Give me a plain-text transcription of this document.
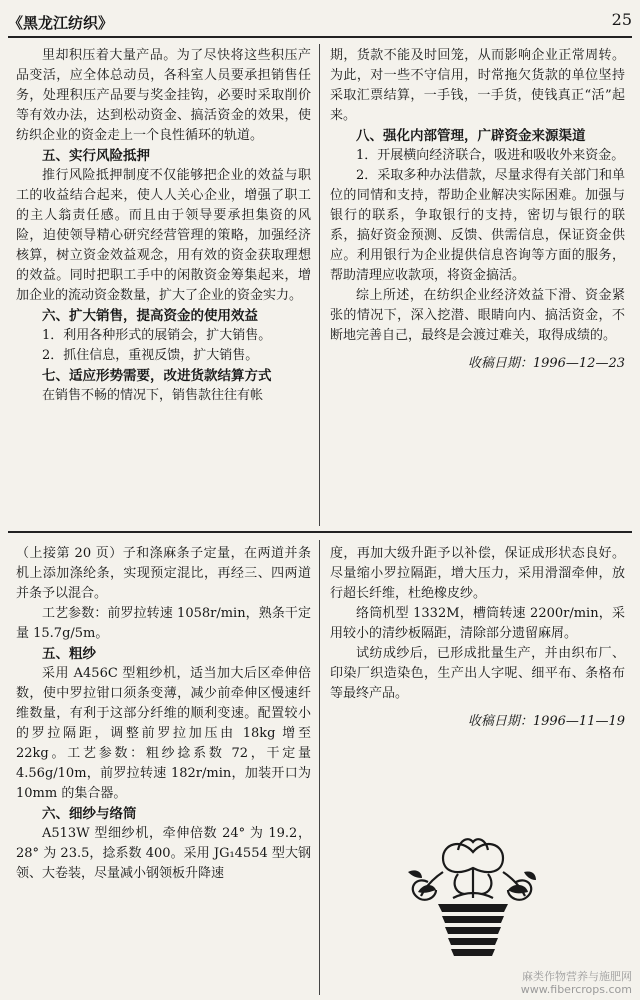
《黑龙江纺织》	25

里却积压着大量产品。为了尽快将这些积压产品变活，应全体总动员，各科室人员要承担销售任务，处理积压产品要与奖金挂钩，必要时采取削价等有效办法，达到松动资金、搞活资金的效果，使纺织企业的资金走上一个良性循环的轨道。

五、实行风险抵押

推行风险抵押制度不仅能够把企业的效益与职工的收益结合起来，使人人关心企业，增强了职工的主人翁责任感。而且由于领导要承担集资的风险，迫使领导精心研究经营管理的策略，加强经济核算，树立资金效益观念，用有效的资金获取理想的效益。同时把职工手中的闲散资金筹集起来，增加企业的流动资金数量，扩大了企业的资金实力。

六、扩大销售，提高资金的使用效益

1．利用各种形式的展销会，扩大销售。

2．抓住信息，重视反馈，扩大销售。

七、适应形势需要，改进货款结算方式

在销售不畅的情况下，销售款往往有帐

期，货款不能及时回笼，从而影响企业正常周转。为此，对一些不守信用，时常拖欠货款的单位坚持采取汇票结算，一手钱，一手货，使钱真正“活”起来。

八、强化内部管理，广辟资金来源渠道

1．开展横向经济联合，吸进和吸收外来资金。

2．采取多种办法借款，尽量求得有关部门和单位的同情和支持，帮助企业解决实际困难。加强与银行的联系，争取银行的支持，密切与银行的联系，搞好资金预测、反馈、供需信息，保证资金供应。利用银行为企业提供信息咨询等方面的服务，帮助清理应收款项，将资金搞活。

综上所述，在纺织企业经济效益下滑、资金紧张的情况下，深入挖潜、眼睛向内、搞活资金，不断地完善自己，最终是会渡过难关，取得成绩的。

收稿日期：1996—12—23

（上接第 20 页）子和涤麻条子定量，在两道并条机上添加涤纶条，实现预定混比，再经三、四两道并条予以混合。

工艺参数：前罗拉转速 1058r/min，熟条干定量 15.7g/5m。

五、粗纱

采用 A456C 型粗纱机，适当加大后区牵伸倍数，使中罗拉钳口须条变薄，减少前牵伸区慢速纤维数量，有利于这部分纤维的顺利变速。配置较小的罗拉隔距，调整前罗拉加压由 18kg 增至 22kg。工艺参数：粗纱捻系数 72，干定量 4.56g/10m，前罗拉转速 182r/min，加装开口为 10mm 的集合器。

六、细纱与络筒

A513W 型细纱机，牵伸倍数 24° 为 19.2，28° 为 23.5，捻系数 400。采用 JG₁4554 型大钢领、大卷装，尽量减小钢领板升降速

度，再加大级升距予以补偿，保证成形状态良好。尽量缩小罗拉隔距，增大压力，采用滑溜牵伸，放行超长纤维，杜绝橡皮纱。

络筒机型 1332M，槽筒转速 2200r/min，采用较小的清纱板隔距，清除部分遗留麻屑。

试纺成纱后，已形成批量生产，并由织布厂、印染厂织造染色，生产出人字呢、细平布、条格布等最终产品。

收稿日期：1996—11—19

麻类作物营养与施肥网
www.fibercrops.com
